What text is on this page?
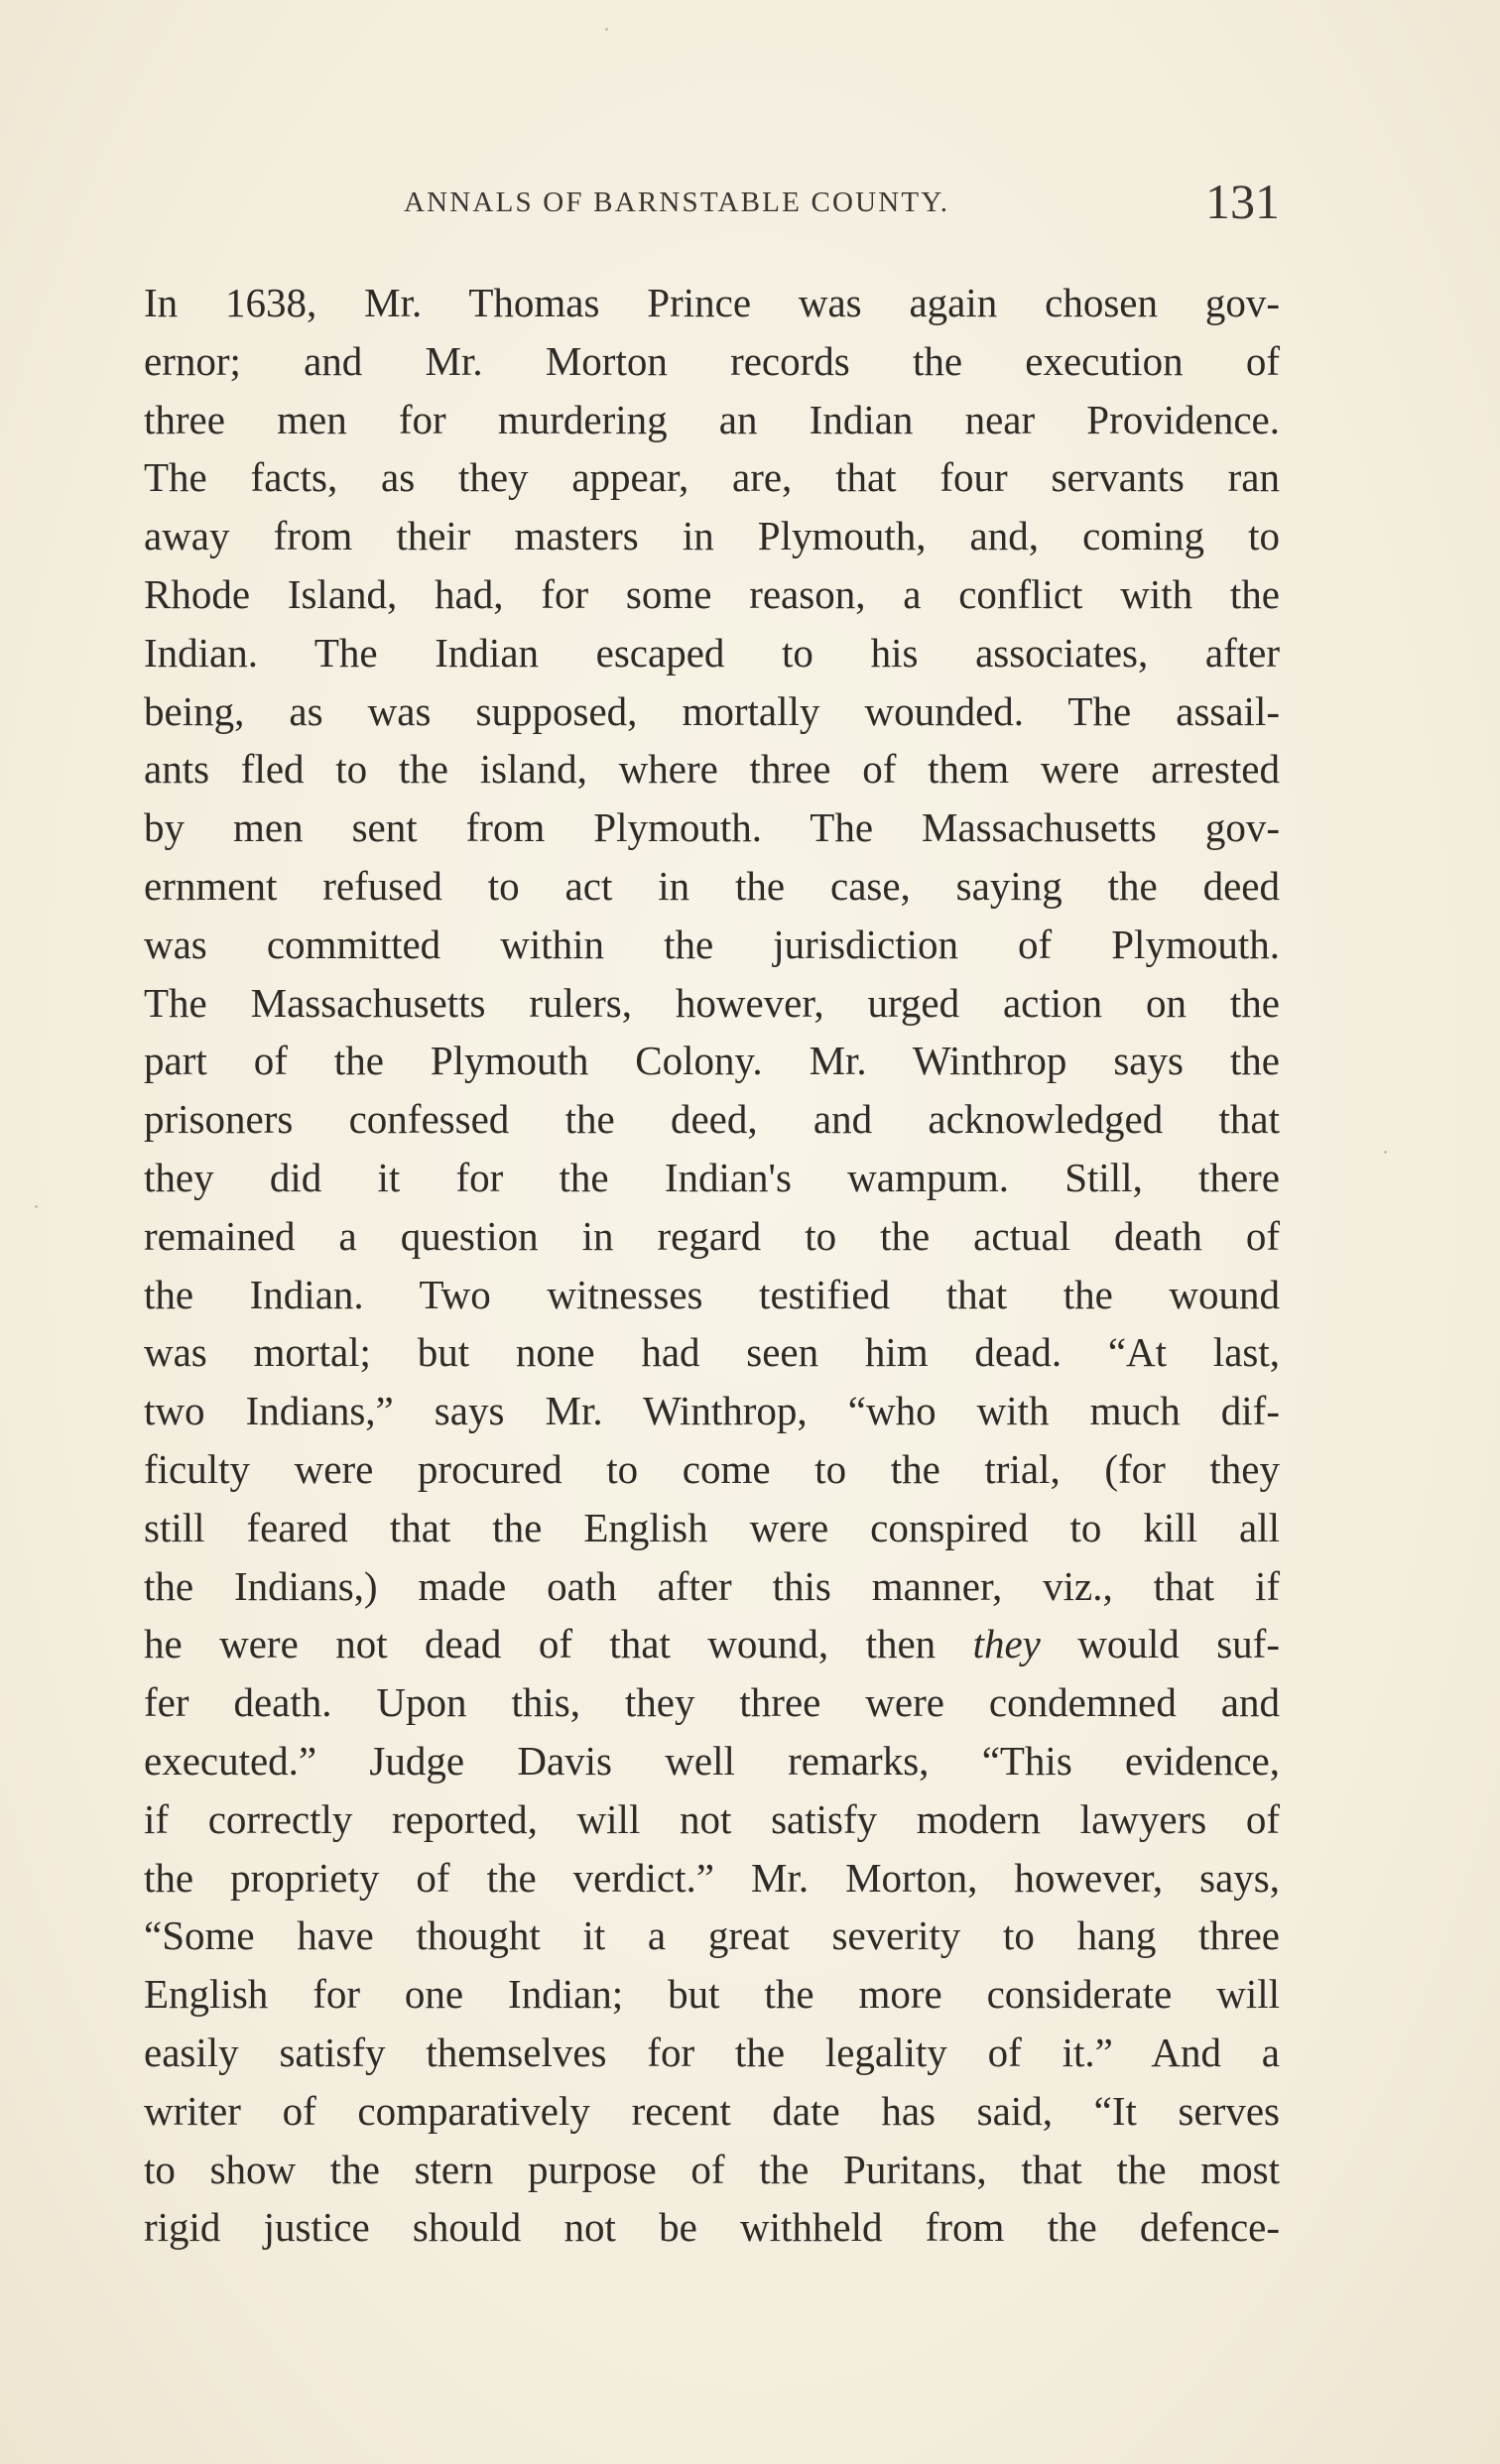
ANNALS OF BARNSTABLE COUNTY.	131
In 1638, Mr. Thomas Prince was again chosen gov-
ernor; and Mr. Morton records the execution of
three men for murdering an Indian near Providence.
The facts, as they appear, are, that four servants ran
away from their masters in Plymouth, and, coming to
Rhode Island, had, for some reason, a conflict with the
Indian. The Indian escaped to his associates, after
being, as was supposed, mortally wounded. The assail-
ants fled to the island, where three of them were arrested
by men sent from Plymouth. The Massachusetts gov-
ernment refused to act in the case, saying the deed
was committed within the jurisdiction of Plymouth.
The Massachusetts rulers, however, urged action on the
part of the Plymouth Colony. Mr. Winthrop says the
prisoners confessed the deed, and acknowledged that
they did it for the Indian's wampum. Still, there
remained a question in regard to the actual death of
the Indian. Two witnesses testified that the wound
was mortal; but none had seen him dead. “At last,
two Indians,” says Mr. Winthrop, “who with much dif-
ficulty were procured to come to the trial, (for they
still feared that the English were conspired to kill all
the Indians,) made oath after this manner, viz., that if
he were not dead of that wound, then they would suf-
fer death. Upon this, they three were condemned and
executed.” Judge Davis well remarks, “This evidence,
if correctly reported, will not satisfy modern lawyers of
the propriety of the verdict.” Mr. Morton, however, says,
“Some have thought it a great severity to hang three
English for one Indian; but the more considerate will
easily satisfy themselves for the legality of it.” And a
writer of comparatively recent date has said, “It serves
to show the stern purpose of the Puritans, that the most
rigid justice should not be withheld from the defence-
